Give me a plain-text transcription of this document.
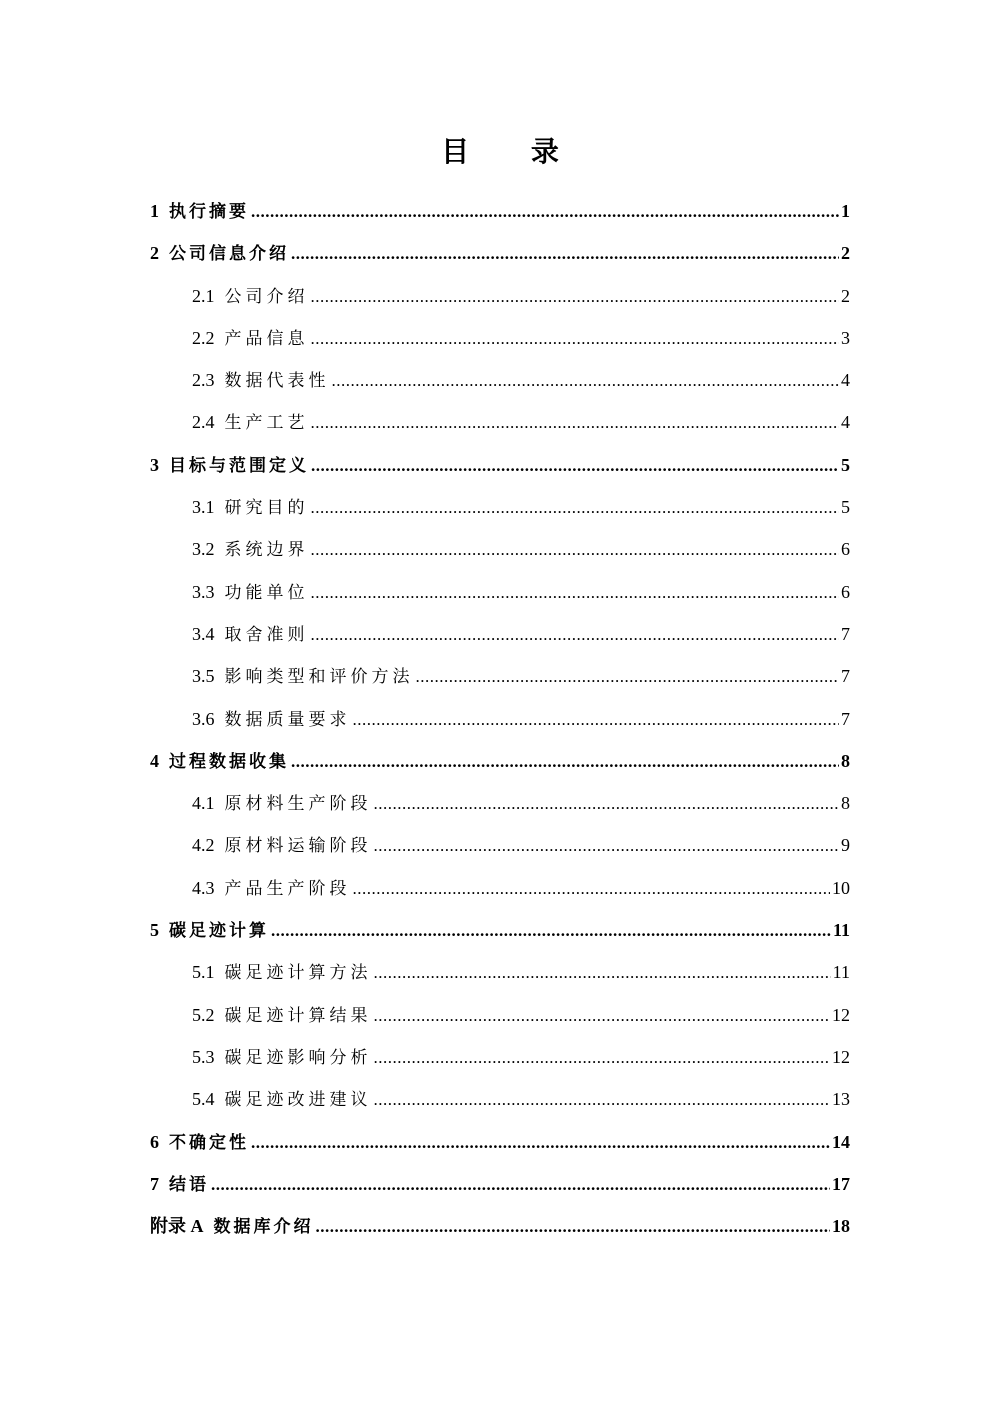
目 录
1 执行摘要 .....	1
2 公司信息介绍 .....	2
2.1 公司介绍 .....	2
2.2 产品信息 .....	3
2.3 数据代表性 .....	4
2.4 生产工艺 .....	4
3 目标与范围定义 .....	5
3.1 研究目的 .....	5
3.2 系统边界 .....	6
3.3 功能单位 .....	6
3.4 取舍准则 .....	7
3.5 影响类型和评价方法 .....	7
3.6 数据质量要求 .....	7
4 过程数据收集 .....	8
4.1 原材料生产阶段 .....	8
4.2 原材料运输阶段 .....	9
4.3 产品生产阶段 .....	10
5 碳足迹计算 .....	11
5.1 碳足迹计算方法 .....	11
5.2 碳足迹计算结果 .....	12
5.3 碳足迹影响分析 .....	12
5.4 碳足迹改进建议 .....	13
6 不确定性 .....	14
7 结语 .....	17
附录 A 数据库介绍 .....	18
